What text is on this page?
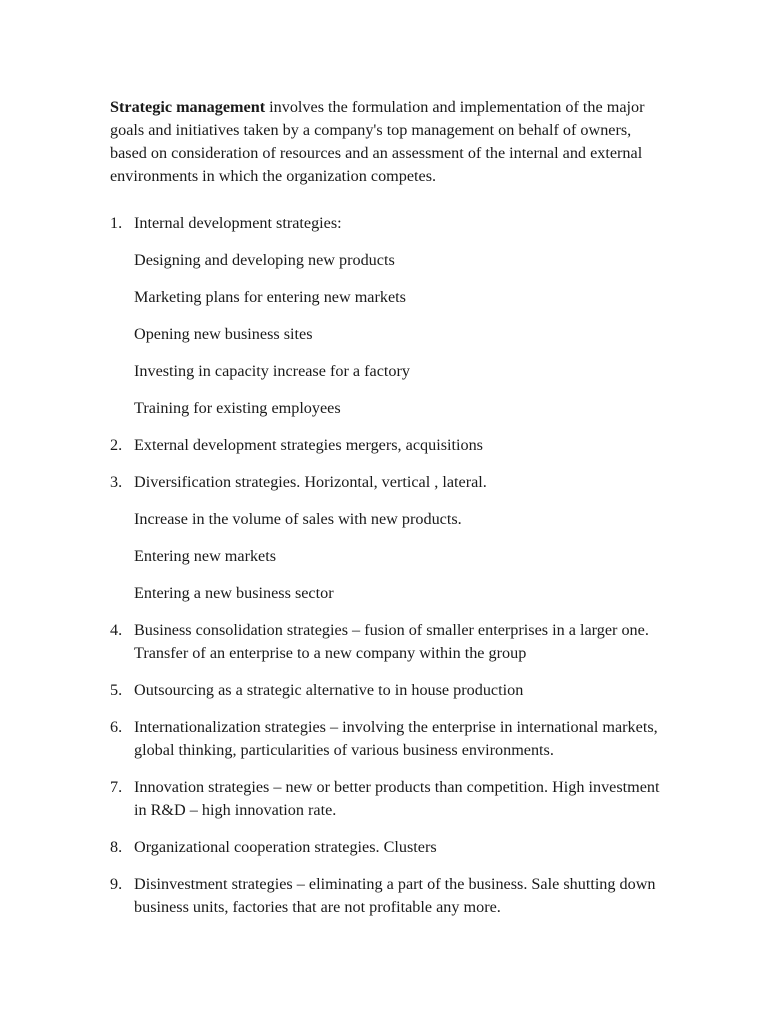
Strategic management involves the formulation and implementation of the major goals and initiatives taken by a company's top management on behalf of owners, based on consideration of resources and an assessment of the internal and external environments in which the organization competes.

1. Internal development strategies:
Designing and developing new products
Marketing plans for entering new markets
Opening new business sites
Investing in capacity increase for a factory
Training for existing employees
2. External development strategies mergers, acquisitions
3. Diversification strategies. Horizontal, vertical , lateral.
Increase in the volume of sales with new products.
Entering new markets
Entering a new business sector
4. Business consolidation strategies – fusion of smaller enterprises in a larger one. Transfer of an enterprise to a new company within the group
5. Outsourcing as a strategic alternative to in house production
6. Internationalization strategies – involving the enterprise in international markets, global thinking, particularities of various business environments.
7. Innovation strategies – new or better products than competition. High investment in R&D – high innovation rate.
8. Organizational cooperation strategies. Clusters
9. Disinvestment strategies – eliminating a part of the business. Sale shutting down business units, factories that are not profitable any more.
